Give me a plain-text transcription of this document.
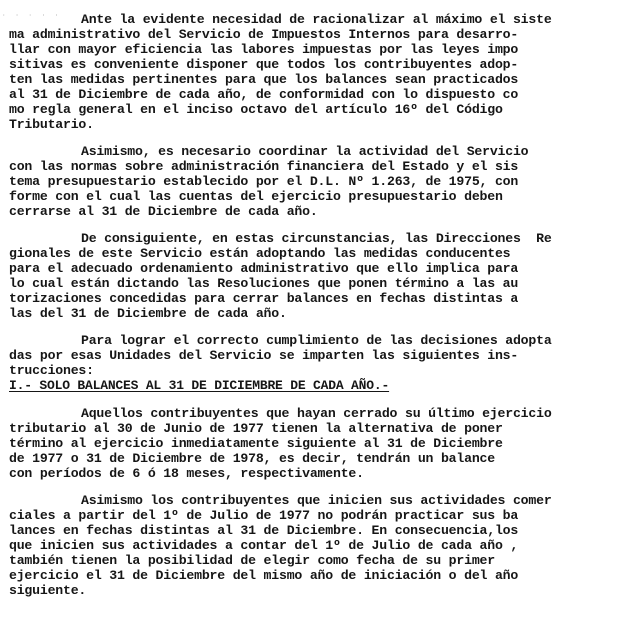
· · · · · Ante la evidente necesidad de racionalizar al máximo el siste
ma administrativo del Servicio de Impuestos Internos para desarro-
llar con mayor eficiencia las labores impuestas por las leyes impo
sitivas es conveniente disponer que todos los contribuyentes adop-
ten las medidas pertinentes para que los balances sean practicados
al 31 de Diciembre de cada año, de conformidad con lo dispuesto co
mo regla general en el inciso octavo del artículo 16º del Código
Tributario.
Asimismo, es necesario coordinar la actividad del Servicio
con las normas sobre administración financiera del Estado y el sis
tema presupuestario establecido por el D.L. Nº 1.263, de 1975, con
forme con el cual las cuentas del ejercicio presupuestario deben
cerrarse al 31 de Diciembre de cada año.
De consiguiente, en estas circunstancias, las Direcciones  Re
gionales de este Servicio están adoptando las medidas conducentes
para el adecuado ordenamiento administrativo que ello implica para
lo cual están dictando las Resoluciones que ponen término a las au
torizaciones concedidas para cerrar balances en fechas distintas a
las del 31 de Diciembre de cada año.
Para lograr el correcto cumplimiento de las decisiones adopta
das por esas Unidades del Servicio se imparten las siguientes ins-
trucciones:
I.- SOLO BALANCES AL 31 DE DICIEMBRE DE CADA AÑO.-
Aquellos contribuyentes que hayan cerrado su último ejercicio
tributario al 30 de Junio de 1977 tienen la alternativa de poner
término al ejercicio inmediatamente siguiente al 31 de Diciembre
de 1977 o 31 de Diciembre de 1978, es decir, tendrán un balance
con períodos de 6 ó 18 meses, respectivamente.
Asimismo los contribuyentes que inicien sus actividades comer
ciales a partir del 1º de Julio de 1977 no podrán practicar sus ba
lances en fechas distintas al 31 de Diciembre. En consecuencia,los
que inicien sus actividades a contar del 1º de Julio de cada año ,
también tienen la posibilidad de elegir como fecha de su primer
ejercicio el 31 de Diciembre del mismo año de iniciación o del año
siguiente.
